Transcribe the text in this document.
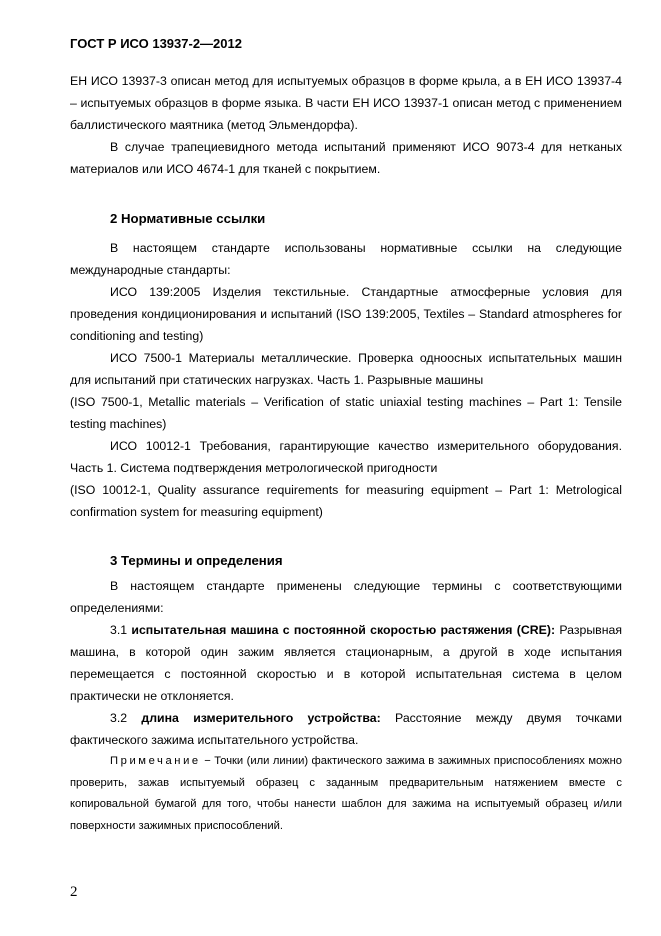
ГОСТ Р ИСО 13937-2—2012

ЕН ИСО 13937-3 описан метод для испытуемых образцов в форме крыла, а в ЕН ИСО 13937-4 – испытуемых образцов в форме языка. В части ЕН ИСО 13937-1 описан метод с применением баллистического маятника (метод Эльмендорфа).

В случае трапециевидного метода испытаний применяют ИСО 9073-4 для нетканых материалов или ИСО 4674-1 для тканей с покрытием.

2 Нормативные ссылки

В настоящем стандарте использованы нормативные ссылки на следующие международные стандарты:

ИСО 139:2005 Изделия текстильные. Стандартные атмосферные условия для проведения кондиционирования и испытаний (ISO 139:2005, Textiles – Standard atmospheres for conditioning and testing)

ИСО 7500-1 Материалы металлические. Проверка одноосных испытательных машин для испытаний при статических нагрузках. Часть 1. Разрывные машины

(ISO 7500-1, Metallic materials – Verification of static uniaxial testing machines – Part 1: Tensile testing machines)

ИСО 10012-1 Требования, гарантирующие качество измерительного оборудования. Часть 1. Система подтверждения метрологической пригодности

(ISO 10012-1, Quality assurance requirements for measuring equipment – Part 1: Metrological confirmation system for measuring equipment)

3 Термины и определения

В настоящем стандарте применены следующие термины с соответствующими определениями:

3.1 испытательная машина с постоянной скоростью растяжения (CRE): Разрывная машина, в которой один зажим является стационарным, а другой в ходе испытания перемещается с постоянной скоростью и в которой испытательная система в целом практически не отклоняется.

3.2 длина измерительного устройства: Расстояние между двумя точками фактического зажима испытательного устройства.

Примечание − Точки (или линии) фактического зажима в зажимных приспособлениях можно проверить, зажав испытуемый образец с заданным предварительным натяжением вместе с копировальной бумагой для того, чтобы нанести шаблон для зажима на испытуемый образец и/или поверхности зажимных приспособлений.

2
